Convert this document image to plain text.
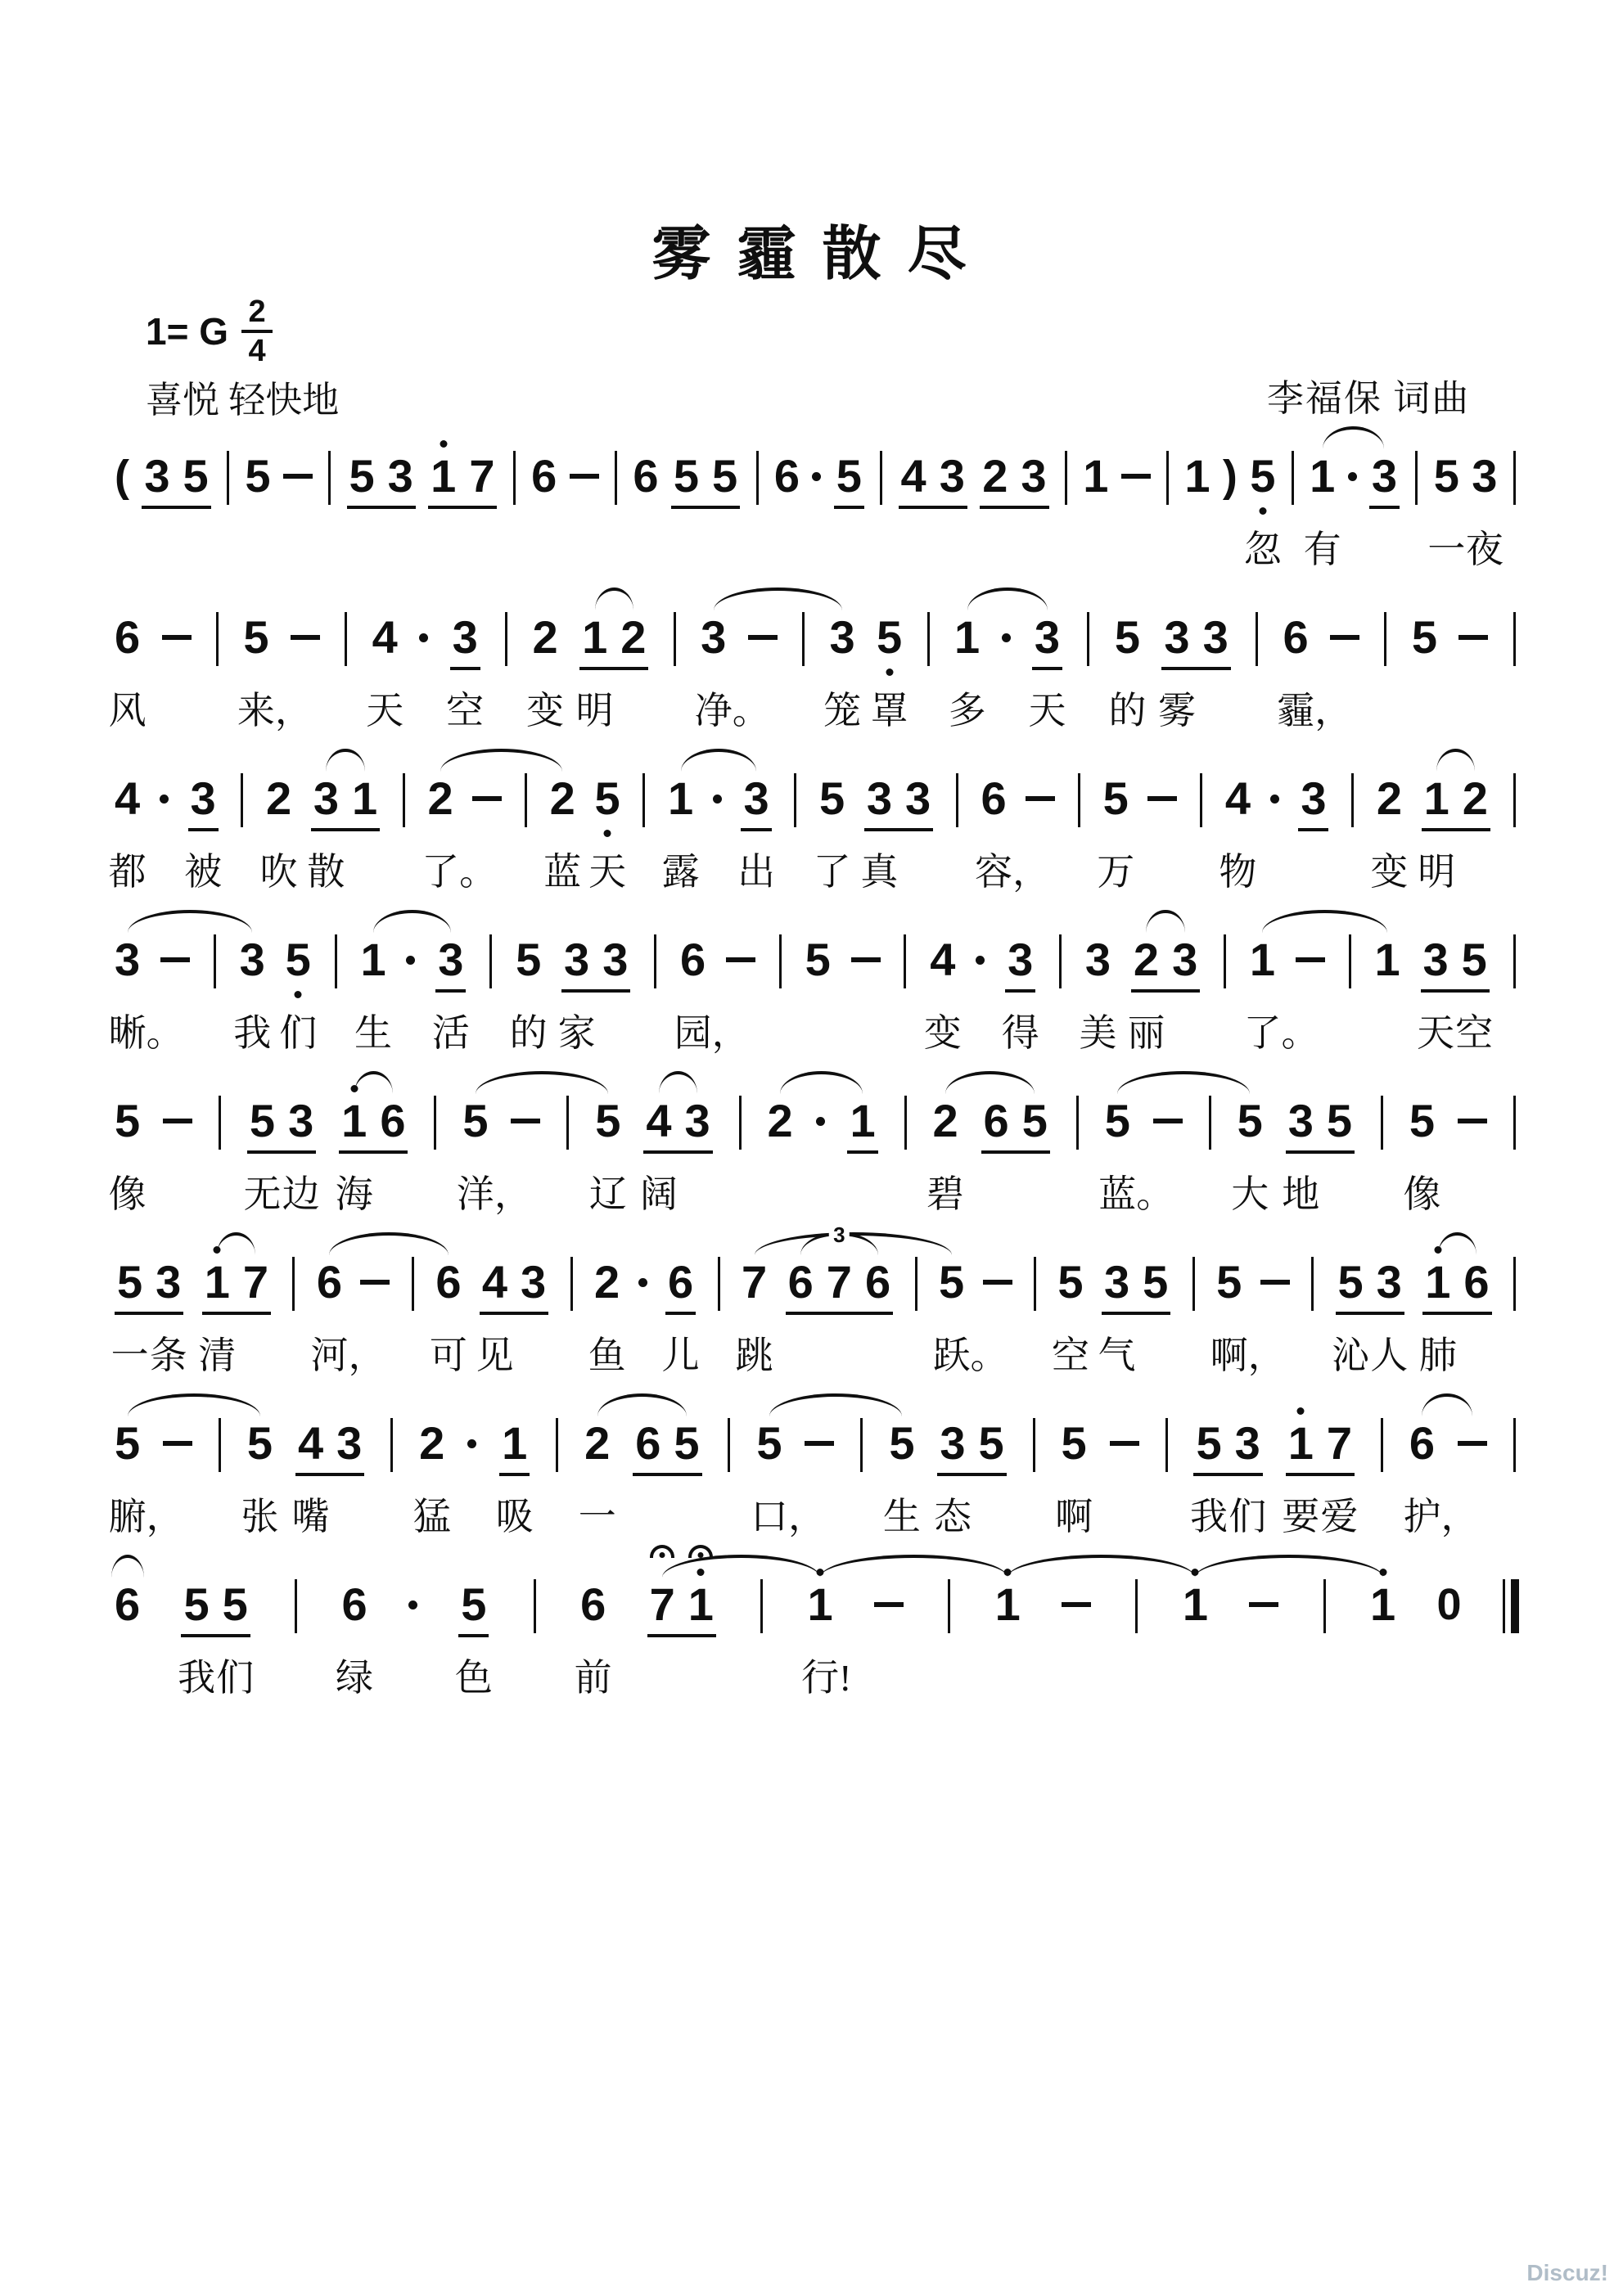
雾 霾 散 尽
1= G $\frac{2}{4}$
喜悦 轻快地	李福保 词曲
( 3 5 5 5 3 1 7 6 6 5 5 6 5 4 3 2 3 1 1 ) 5 1 3 5 3
忽 有 一 夜
6 5 4 3 2 1 2 3 3 5 1 3 5 3 3 6 5
风 来， 天 空 变 明 净。 笼 罩 多 天 的 雾 霾，
4 3 2 3 1 2 2 5 1 3 5 3 3 6 5 4 3 2 1 2
都 被 吹 散 了。 蓝 天 露 出 了 真 容， 万 物	变 明
3 3 5 1 3 5 3 3 6 5 4 3 3 2 3 1 1 3 5
晰。 我 们 生 活 的 家 园，	变 得 美 丽 了。	天 空
5 5 3 1 6 5 5 4 3 2 1 2 6 5 5 5 3 5 5
像	无 边 海 洋， 辽 阔	碧	蓝。 大 地 像
5 3 1 7 6 6 4 3 2 6 7 6 7 6 5 5 3 5 5 5 3 1 6
3
一 条 清 河， 可 见 鱼 儿 跳	跃。 空 气 啊， 沁 人 肺
5 5 4 3 2 1 2 6 5 5 5 3 5 5 5 3 1 7 6
腑， 张 嘴 猛 吸 一	口， 生 态 啊	我 们 要 爱 护，
6 5 5 6 5 6 7 1 1	1	1	1 0
我 们 绿 色 前	行!
Discuz!
